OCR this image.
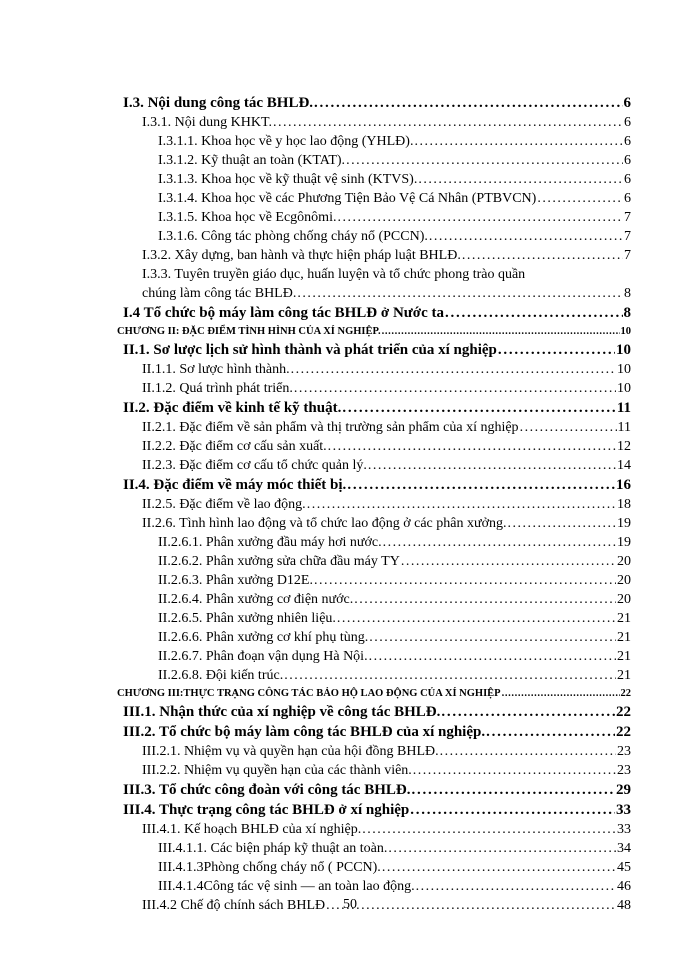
I.3. Nội dung công tác BHLĐ. . . .	6
I.3.1. Nội dung KHKT. . . .	6
I.3.1.1. Khoa học về y học lao động (YHLĐ). . . .	6
I.3.1.2. Kỹ thuật an toàn (KTAT). . . .	6
I.3.1.3. Khoa học về kỹ thuật vệ sinh (KTVS). . . .	6
I.3.1.4. Khoa học về các Phương Tiện Bảo Vệ Cá Nhân (PTBVCN) . . .	6
I.3.1.5. Khoa học về Ecgônômi. . . .	7
I.3.1.6. Công tác phòng chống cháy nổ (PCCN). . . .	7
I.3.2. Xây dựng, ban hành và thực hiện pháp luật BHLĐ. . . .	7
I.3.3. Tuyên truyền giáo dục, huấn luyện và tổ chức phong trào quần
chúng làm công tác BHLĐ. . . .	8
I.4 Tổ chức bộ máy làm công tác BHLĐ ở Nước ta . . .	8
CHƯƠNG II: ĐẶC ĐIỂM TÌNH HÌNH CỦA XÍ NGHIỆP. . . .	10
II.1. Sơ lược lịch sử hình thành và phát triển của xí nghiệp . . .	10
II.1.1. Sơ lược hình thành. . . .	10
II.1.2. Quá trình phát triển. . . .	10
II.2. Đặc điểm về kinh tế kỹ thuật. . . .	11
II.2.1. Đặc điểm về sản phẩm và thị trường sản phẩm của xí nghiệp . . .	11
II.2.2. Đặc điểm cơ cấu sản xuất. . . .	12
II.2.3. Đặc điểm cơ cấu tổ chức quản lý. . . .	14
II.4. Đặc điểm về máy móc thiết bị. . . .	16
II.2.5. Đặc điểm về lao động. . . .	18
II.2.6. Tình hình lao động và tổ chức lao động ở các phân xưởng. . . .	19
II.2.6.1. Phân xưởng đầu máy hơi nước. . . .	19
II.2.6.2. Phân xưởng sửa chữa đầu máy TY . . .	20
II.2.6.3. Phân xưởng D12E. . . .	20
II.2.6.4. Phân xưởng cơ điện nước. . . .	20
II.2.6.5. Phân xưởng nhiên liệu. . . .	21
II.2.6.6. Phân xưởng cơ khí phụ tùng. . . .	21
II.2.6.7. Phân đoạn vận dụng Hà Nội. . . .	21
II.2.6.8. Đội kiến trúc. . . .	21
CHƯƠNG III:THỰC TRẠNG CÔNG TÁC BẢO HỘ LAO ĐỘNG CỦA XÍ NGHIỆP . . .	22
III.1. Nhận thức của xí nghiệp về công tác BHLĐ. . . .	22
III.2. Tổ chức bộ máy làm công tác BHLĐ của xí nghiệp. . . .	22
III.2.1. Nhiệm vụ và quyền hạn của hội đồng BHLĐ. . . .	23
III.2.2. Nhiệm vụ quyền hạn của các thành viên. . . .	23
III.3. Tổ chức công đoàn với công tác BHLĐ. . . .	29
III.4. Thực trạng công tác BHLĐ ở xí nghiệp . . .	33
III.4.1. Kế hoạch BHLĐ của xí nghiệp. . . .	33
III.4.1.1. Các biện pháp kỹ thuật an toàn. . . .	34
III.4.1.3Phòng chống cháy nổ ( PCCN). . . .	45
III.4.1.4Công tác vệ sinh — an toàn lao động. . . .	46
III.4.2 Chế độ chính sách BHLĐ . . .	48
50
